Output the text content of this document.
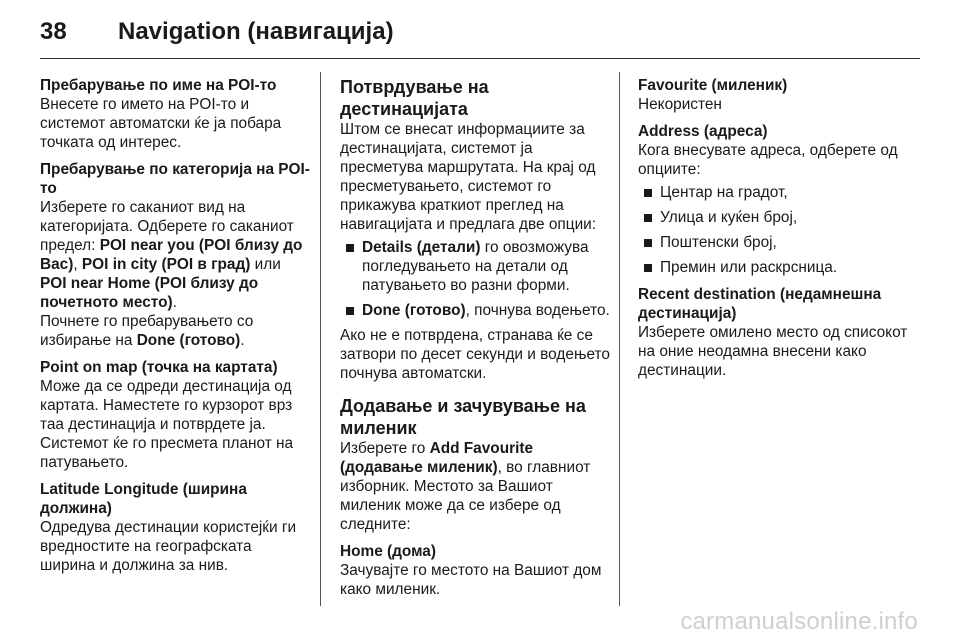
38	Navigation (навигација)
Пребарување по име на POI-то

Внесете го името на POI-то и системот автоматски ќе ја побара точката од интерес.

Пребарување по категорија на POI-то

Изберете го саканиот вид на категоријата. Одберете го саканиот предел: POI near you (POI близу до Вас), POI in city (POI в град) или POI near Home (POI близу до почетното место).

Почнете го пребарувањето со избирање на Done (готово).

Point on map (точка на картата)

Може да се одреди дестинација од картата. Наместете го курзорот врз таа дестинација и потврдете ја. Системот ќе го пресмета планот на патувањето.

Latitude Longitude (ширина должина)

Одредува дестинации користејќи ги вредностите на географската ширина и должина за нив.

Потврдување на дестинацијата

Штом се внесат информациите за дестинацијата, системот ја пресметува маршрутата. На крај од пресметувањето, системот го прикажува краткиот преглед на навигацијата и предлага две опции:

Details (детали) го овозможува погледувањето на детали од патувањето во разни форми.
Done (готово), почнува водењето.

Ако не е потврдена, странава ќе се затвори по десет секунди и водењето почнува автоматски.

Додавање и зачувување на миленик

Изберете го Add Favourite (додавање миленик), во главниот изборник. Местото за Вашиот миленик може да се избере од следните:

Home (дома)

Зачувајте го местото на Вашиот дом како миленик.

Favourite (миленик)

Некористен

Address (адреса)

Кога внесувате адреса, одберете од опциите:

Центар на градот,
Улица и куќен број,
Поштенски број,
Премин или раскрсница.
Recent destination (недамнешна дестинација)

Изберете омилено место од списокот на оние неодамна внесени како дестинации.

carmanualsonline.info
